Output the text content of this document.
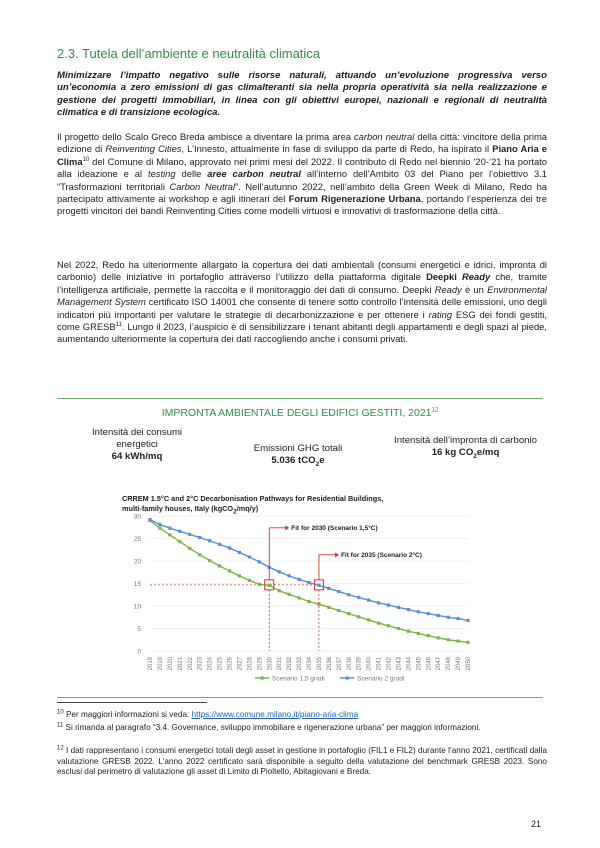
2.3. Tutela dell’ambiente e neutralità climatica
Minimizzare l’impatto negativo sulle risorse naturali, attuando un’evoluzione progressiva verso un’economia a zero emissioni di gas climalteranti sia nella propria operatività sia nella realizzazione e gestione dei progetti immobiliari, in linea con gli obiettivi europei, nazionali e regionali di neutralità climatica e di transizione ecologica.
Il progetto dello Scalo Greco Breda ambisce a diventare la prima area carbon neutral della città: vincitore della prima edizione di Reinventing Cities, L’Innesto, attualmente in fase di sviluppo da parte di Redo, ha ispirato il Piano Aria e Clima$^{10}$ del Comune di Milano, approvato nei primi mesi del 2022. Il contributo di Redo nel biennio ‘20-‘21 ha portato alla ideazione e al testing delle aree carbon neutral all’interno dell’Ambito 03 del Piano per l’obiettivo 3.1 “Trasformazioni territoriali Carbon Neutral”. Nell’autunno 2022, nell’ambito della Green Week di Milano, Redo ha partecipato attivamente ai workshop e agli itinerari del Forum Rigenerazione Urbana, portando l’esperienza dei tre progetti vincitori dei bandi Reinventing Cities come modelli virtuosi e innovativi di trasformazione della città.
Nel 2022, Redo ha ulteriormente allargato la copertura dei dati ambientali (consumi energetici e idrici, impronta di carbonio) delle iniziative in portafoglio attraverso l’utilizzo della piattaforma digitale Deepki Ready che, tramite l’intelligenza artificiale, permette la raccolta e il monitoraggio dei dati di consumo. Deepki Ready è un Environmental Management System certificato ISO 14001 che consente di tenere sotto controllo l’intensità delle emissioni, uno degli indicatori più importanti per valutare le strategie di decarbonizzazione e per ottenere i rating ESG dei fondi gestiti, come GRESB$^{11}$. Lungo il 2023, l’auspicio è di sensibilizzare i tenant abitanti degli appartamenti e degli spazi al piede, aumentando ulteriormente la copertura dei dati raccogliendo anche i consumi privati.
IMPRONTA AMBIENTALE DEGLI EDIFICI GESTITI, 2021$^{12}$
Intensità dei consumi energetici
64 kWh/mq
Emissioni GHG totali
5.036 tCO$_2$e
Intensità dell’impronta di carbonio
16 kg $CO_2e/mq$
CRREM 1.5°C and 2°C Decarbonisation Pathways for Residential Buildings,
multi-family houses, Italy (kgCO2/mq/y)
0
5
10
15
20
25
30
2018 2019 2020 2021 2022 2023 2024 2025 2026 2027 2028 2029 2030 2031 2032 2033 2034 2035 2036 2037 2038 2039 2040 2041 2042 2043 2044 2045 2046 2047 2048 2049 2050
Fit for 2030 (Scenario 1,5°C)
Fit for 2035 (Scenario 2°C)
Scenario 1,5 gradi	Scenario 2 gradi
$^{10}$ Per maggiori informazioni si veda: https://www.comune.milano.it/piano-aria-clima
$^{11}$ Si rimanda al paragrafo “3.4. Governance, sviluppo immobiliare e rigenerazione urbana” per maggiori informazioni.
$^{12}$ I dati rappresentano i consumi energetici totali degli asset in gestione in portafoglio (FIL1 e FIL2) durante l’anno 2021, certificati dalla valutazione GRESB 2022. L’anno 2022 certificato sarà disponibile a seguito della valutazione del benchmark GRESB 2023. Sono esclusi dal perimetro di valutazione gli asset di Limito di Pioltello, Abitagiovani e Breda.
21
